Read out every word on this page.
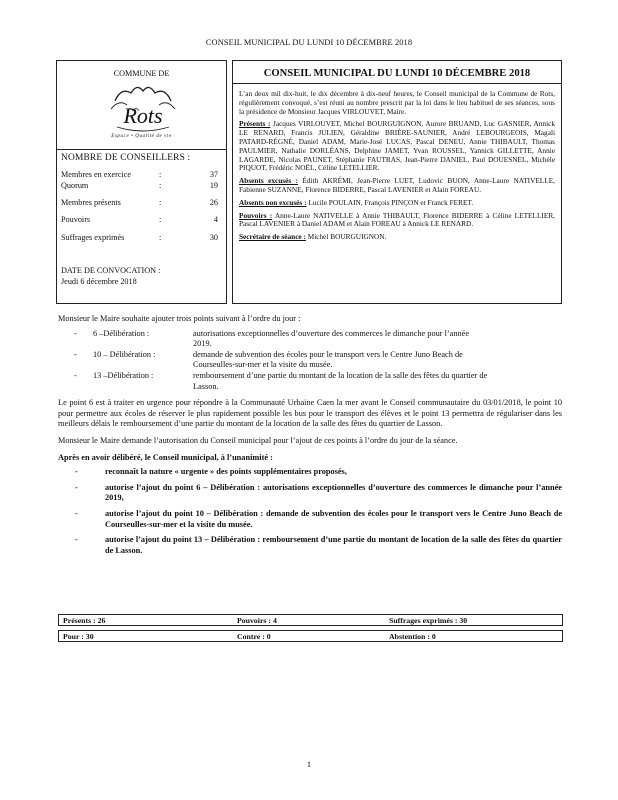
CONSEIL MUNICIPAL DU LUNDI 10 DÉCEMBRE 2018
COMMUNE DE
Rots
Espace • Qualité de vie
NOMBRE DE CONSEILLERS :
Membres en exercice	:	37
Quorum	:	19
Membres présents	:	26
Pouvoirs	:	4
Suffrages exprimés	:	30
DATE DE CONVOCATION :
Jeudi 6 décembre 2018
CONSEIL MUNICIPAL DU LUNDI 10 DÉCEMBRE 2018

L’an deux mil dix-huit, le dix décembre à dix-neuf heures, le Conseil municipal de la Commune de Rots, régulièrement convoqué, s’est réuni au nombre prescrit par la loi dans le lieu habituel de ses séances, sous la présidence de Monsieur Jacques VIRLOUVET, Maire.

Présents : Jacques VIRLOUVET, Michel BOURGUIGNON, Aurore BRUAND, Luc GASNIER, Annick LE RENARD, Francis JULIEN, Géraldine BRIÈRE-SAUNIER, André LEBOURGEOIS, Magali PATARD-RÉGNÉ, Daniel ADAM, Marie-José LUCAS, Pascal DENEU, Annie THIBAULT, Thomas PAULMIER, Nathalie DORLÉANS, Delphine JAMET, Yvan ROUSSEL, Yannick GILLETTE, Annie LAGARDE, Nicolas PAUNET, Stéphanie FAUTRAS, Jean-Pierre DANIEL, Paul DOUESNEL, Michèle PIQUOT, Frédéric NOËL, Céline LETELLIER.

Absents excusés : Édith AKRÉMI, Jean-Pierre LUET, Ludovic BUON, Anne-Laure NATIVELLE, Fabienne SUZANNE, Florence BIDERRE, Pascal LAVENIER et Alain FOREAU.

Absents non excusés : Lucile POULAIN, François PINÇON et Franck FERET.

Pouvoirs : Anne-Laure NATIVELLE à Annie THIBAULT, Florence BIDERRE à Céline LETELLIER, Pascal LAVENIER à Daniel ADAM et Alain FOREAU à Annick LE RENARD.

Secrétaire de séance : Michel BOURGUIGNON.

Monsieur le Maire souhaite ajouter trois points suivant à l’ordre du jour :

- 6 –Délibération :	autorisations exceptionnelles d’ouverture des commerces le dimanche pour l’année
2019.
- 10 – Délibération :	demande de subvention des écoles pour le transport vers le Centre Juno Beach de
Courseulles-sur-mer et la visite du musée.
- 13 –Délibération :	remboursement d’une partie du montant de la location de la salle des fêtes du quartier de
Lasson.

Le point 6 est à traiter en urgence pour répondre à la Communauté Urbaine Caen la mer avant le Conseil communautaire du 03/01/2018, le point 10 pour permettre aux écoles de réserver le plus rapidement possible les bus pour le transport des élèves et le point 13 permettra de régulariser dans les meilleurs délais le remboursement d’une partie du montant de la location de la salle des fêtes du quartier de Lasson.

Monsieur le Maire demande l’autorisation du Conseil municipal pour l’ajout de ces points à l’ordre du jour de la séance.

Après en avoir délibéré, le Conseil municipal, à l’unanimité :

-	reconnaît la nature « urgente » des points supplémentaires proposés,
-	autorise l’ajout du point 6 – Délibération : autorisations exceptionnelles d’ouverture des commerces le dimanche pour l’année 2019,
-	autorise l’ajout du point 10 – Délibération : demande de subvention des écoles pour le transport vers le Centre Juno Beach de Courseulles-sur-mer et la visite du musée.
-	autorise l’ajout du point 13 – Délibération : remboursement d’une partie du montant de location de la salle des fêtes du quartier de Lasson.
Présents : 26	Pouvoirs : 4	Suffrages exprimés : 30
Pour : 30	Contre : 0	Abstention : 0
1
